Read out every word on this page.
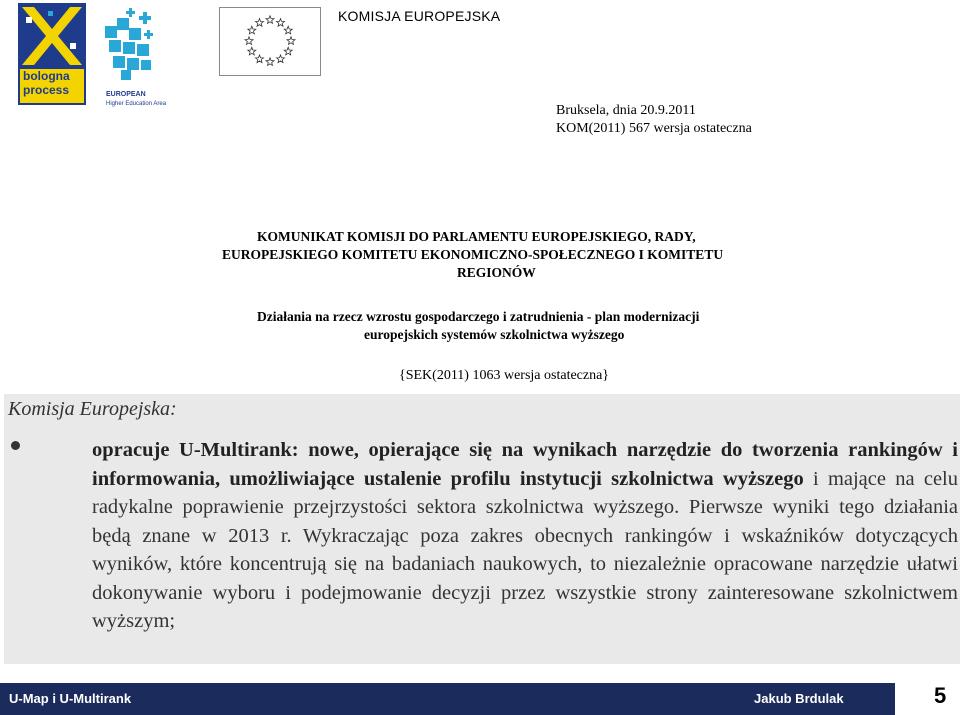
bologna
process	EUROPEAN
Higher Education Area
KOMISJA EUROPEJSKA
Bruksela, dnia 20.9.2011
KOM(2011) 567 wersja ostateczna
KOMUNIKAT KOMISJI DO PARLAMENTU EUROPEJSKIEGO, RADY,
EUROPEJSKIEGO KOMITETU EKONOMICZNO-SPOŁECZNEGO I KOMITETU
REGIONÓW
Działania na rzecz wzrostu gospodarczego i zatrudnienia - plan modernizacji
europejskich systemów szkolnictwa wyższego
{SEK(2011) 1063 wersja ostateczna}
Komisja Europejska:

opracuje U-Multirank: nowe, opierające się na wynikach narzędzie do tworzenia rankingów i informowania, umożliwiające ustalenie profilu instytucji szkolnictwa wyższego i mające na celu radykalne poprawienie przejrzystości sektora szkolnictwa wyższego. Pierwsze wyniki tego działania będą znane w 2013 r. Wykraczając poza zakres obecnych rankingów i wskaźników dotyczących wyników, które koncentrują się na badaniach naukowych, to niezależnie opracowane narzędzie ułatwi dokonywanie wyboru i podejmowanie decyzji przez wszystkie strony zainteresowane szkolnictwem wyższym;

U-Map i U-Multirank	Jakub Brdulak	5
